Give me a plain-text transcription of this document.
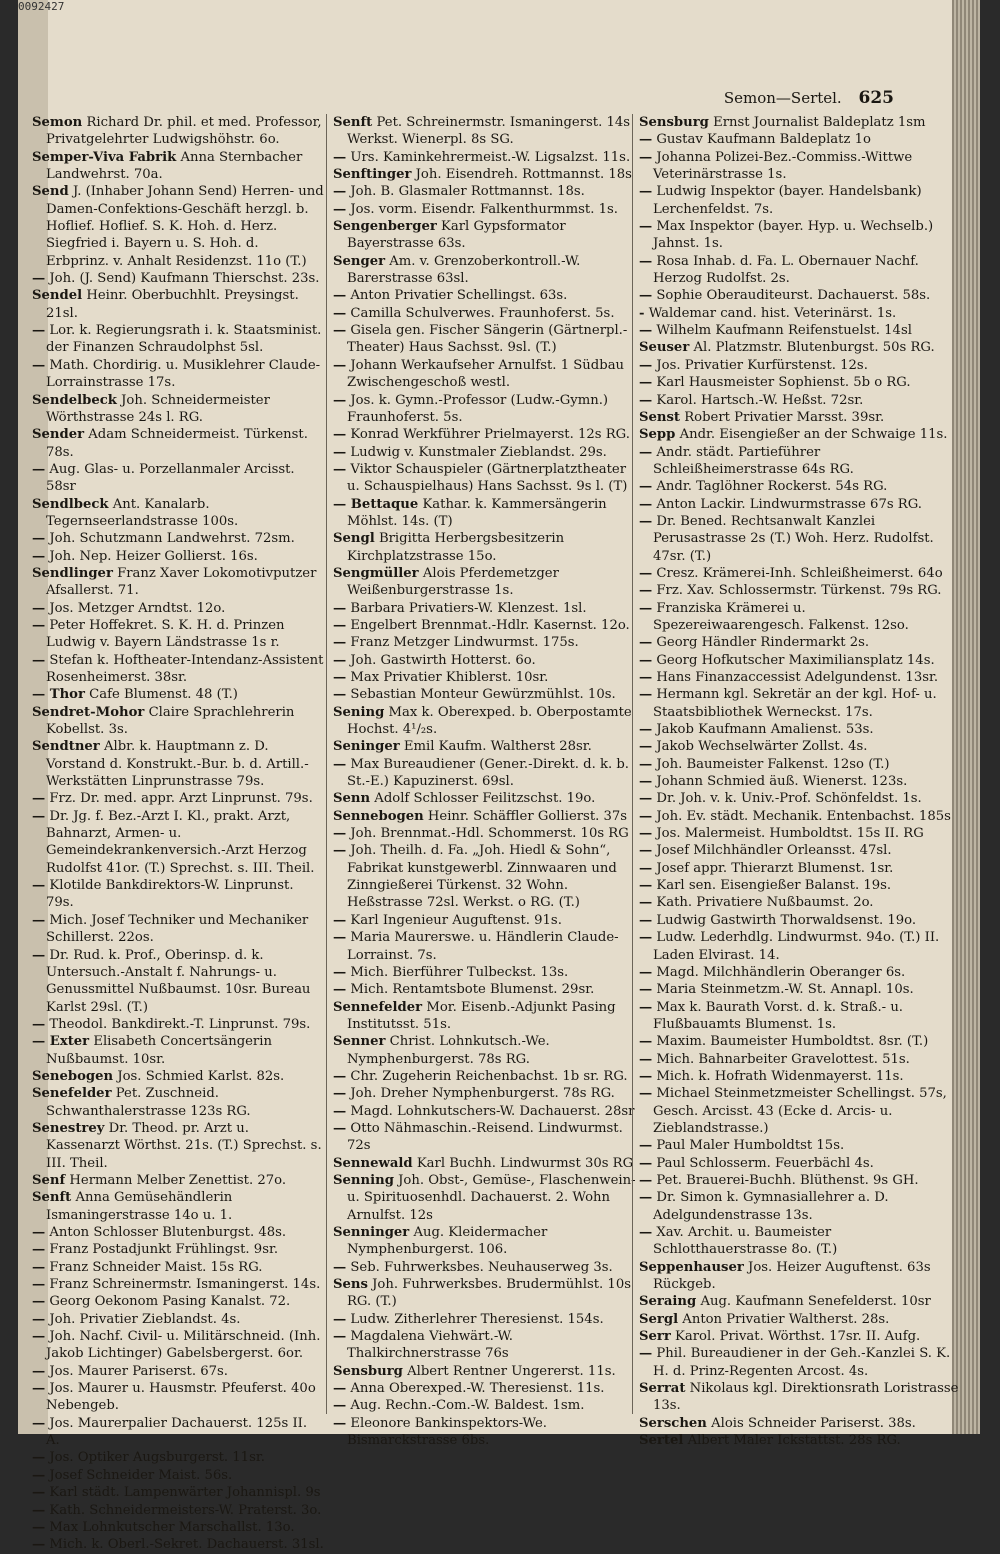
0092427
Semon—Sertel. 625
Semon Richard Dr. phil. et med. Professor, Privatgelehrter Ludwigshöhstr. 6o.
Semper-Viva Fabrik Anna Sternbacher Landwehrst. 70a.
Send J. (Inhaber Johann Send) Herren- und Damen-Confektions-Geschäft herzgl. b. Hoflief. Hoflief. S. K. Hoh. d. Herz. Siegfried i. Bayern u. S. Hoh. d. Erbprinz. v. Anhalt Residenzst. 11o (T.)
— Joh. (J. Send) Kaufmann Thierschst. 23s.
Sendel Heinr. Oberbuchhlt. Preysingst. 21sl.
— Lor. k. Regierungsrath i. k. Staatsminist. der Finanzen Schraudolphst 5sl.
— Math. Chordirig. u. Musiklehrer Claude-Lorrainstrasse 17s.
Sendelbeck Joh. Schneidermeister Wörthstrasse 24s l. RG.
Sender Adam Schneidermeist. Türkenst. 78s.
— Aug. Glas- u. Porzellanmaler Arcisst. 58sr
Sendlbeck Ant. Kanalarb. Tegernseerlandstrasse 100s.
— Joh. Schutzmann Landwehrst. 72sm.
— Joh. Nep. Heizer Gollierst. 16s.
Sendlinger Franz Xaver Lokomotivputzer Afsallerst. 71.
— Jos. Metzger Arndtst. 12o.
— Peter Hoffekret. S. K. H. d. Prinzen Ludwig v. Bayern Ländstrasse 1s r.
— Stefan k. Hoftheater-Intendanz-Assistent Rosenheimerst. 38sr.
— Thor Cafe Blumenst. 48 (T.)
Sendret-Mohor Claire Sprachlehrerin Kobellst. 3s.
Sendtner Albr. k. Hauptmann z. D. Vorstand d. Konstrukt.-Bur. b. d. Artill.-Werkstätten Linprunstrasse 79s.
— Frz. Dr. med. appr. Arzt Linprunst. 79s.
— Dr. Jg. f. Bez.-Arzt I. Kl., prakt. Arzt, Bahnarzt, Armen- u. Gemeindekrankenversich.-Arzt Herzog Rudolfst 41or. (T.) Sprechst. s. III. Theil.
— Klotilde Bankdirektors-W. Linprunst. 79s.
— Mich. Josef Techniker und Mechaniker Schillerst. 22os.
— Dr. Rud. k. Prof., Oberinsp. d. k. Untersuch.-Anstalt f. Nahrungs- u. Genussmittel Nußbaumst. 10sr. Bureau Karlst 29sl. (T.)
— Theodol. Bankdirekt.-T. Linprunst. 79s.
— Exter Elisabeth Concertsängerin Nußbaumst. 10sr.
Senebogen Jos. Schmied Karlst. 82s.
Senefelder Pet. Zuschneid. Schwanthalerstrasse 123s RG.
Senestrey Dr. Theod. pr. Arzt u. Kassenarzt Wörthst. 21s. (T.) Sprechst. s. III. Theil.
Senf Hermann Melber Zenettist. 27o.
Senft Anna Gemüsehändlerin Ismaningerstrasse 14o u. 1.
— Anton Schlosser Blutenburgst. 48s.
— Franz Postadjunkt Frühlingst. 9sr.
— Franz Schneider Maist. 15s RG.
— Franz Schreinermstr. Ismaningerst. 14s.
— Georg Oekonom Pasing Kanalst. 72.
— Joh. Privatier Zieblandst. 4s.
— Joh. Nachf. Civil- u. Militärschneid. (Inh. Jakob Lichtinger) Gabelsbergerst. 6or.
— Jos. Maurer Pariserst. 67s.
— Jos. Maurer u. Hausmstr. Pfeuferst. 40o Nebengeb.
— Jos. Maurerpalier Dachauerst. 125s II. A.
— Jos. Optiker Augsburgerst. 11sr.
— Josef Schneider Maist. 56s.
— Karl städt. Lampenwärter Johannispl. 9s
— Kath. Schneidermeisters-W. Praterst. 3o.
— Max Lohnkutscher Marschallst. 13o.
— Mich. k. Oberl.-Sekret. Dachauerst. 31sl.
Senft Pet. Schreinermstr. Ismaningerst. 14s Werkst. Wienerpl. 8s SG.
— Urs. Kaminkehrermeist.-W. Ligsalzst. 11s.
Senftinger Joh. Eisendreh. Rottmannst. 18s
— Joh. B. Glasmaler Rottmannst. 18s.
— Jos. vorm. Eisendr. Falkenthurmmst. 1s.
Sengenberger Karl Gypsformator Bayerstrasse 63s.
Senger Am. v. Grenzoberkontroll.-W. Barerstrasse 63sl.
— Anton Privatier Schellingst. 63s.
— Camilla Schulverwes. Fraunhoferst. 5s.
— Gisela gen. Fischer Sängerin (Gärtnerpl.-Theater) Haus Sachsst. 9sl. (T.)
— Johann Werkaufseher Arnulfst. 1 Südbau Zwischengeschoß westl.
— Jos. k. Gymn.-Professor (Ludw.-Gymn.) Fraunhoferst. 5s.
— Konrad Werkführer Prielmayerst. 12s RG.
— Ludwig v. Kunstmaler Zieblandst. 29s.
— Viktor Schauspieler (Gärtnerplatztheater u. Schauspielhaus) Hans Sachsst. 9s l. (T)
— Bettaque Kathar. k. Kammersängerin Möhlst. 14s. (T)
Sengl Brigitta Herbergsbesitzerin Kirchplatzstrasse 15o.
Sengmüller Alois Pferdemetzger Weißenburgerstrasse 1s.
— Barbara Privatiers-W. Klenzest. 1sl.
— Engelbert Brennmat.-Hdlr. Kasernst. 12o.
— Franz Metzger Lindwurmst. 175s.
— Joh. Gastwirth Hotterst. 6o.
— Max Privatier Khiblerst. 10sr.
— Sebastian Monteur Gewürzmühlst. 10s.
Sening Max k. Oberexped. b. Oberpostamte Hochst. 4¹/₂s.
Seninger Emil Kaufm. Waltherst 28sr.
— Max Bureaudiener (Gener.-Direkt. d. k. b. St.-E.) Kapuzinerst. 69sl.
Senn Adolf Schlosser Feilitzschst. 19o.
Sennebogen Heinr. Schäffler Gollierst. 37s
— Joh. Brennmat.-Hdl. Schommerst. 10s RG
— Joh. Theilh. d. Fa. „Joh. Hiedl & Sohn“, Fabrikat kunstgewerbl. Zinnwaaren und Zinngießerei Türkenst. 32 Wohn. Heßstrasse 72sl. Werkst. o RG. (T.)
— Karl Ingenieur Auguftenst. 91s.
— Maria Maurerswe. u. Händlerin Claude-Lorrainst. 7s.
— Mich. Bierführer Tulbeckst. 13s.
— Mich. Rentamtsbote Blumenst. 29sr.
Sennefelder Mor. Eisenb.-Adjunkt Pasing Institutsst. 51s.
Senner Christ. Lohnkutsch.-We. Nymphenburgerst. 78s RG.
— Chr. Zugeherin Reichenbachst. 1b sr. RG.
— Joh. Dreher Nymphenburgerst. 78s RG.
— Magd. Lohnkutschers-W. Dachauerst. 28sr
— Otto Nähmaschin.-Reisend. Lindwurmst. 72s
Sennewald Karl Buchh. Lindwurmst 30s RG
Senning Joh. Obst-, Gemüse-, Flaschenwein- u. Spirituosenhdl. Dachauerst. 2. Wohn Arnulfst. 12s
Senninger Aug. Kleidermacher Nymphenburgerst. 106.
— Seb. Fuhrwerksbes. Neuhauserweg 3s.
Sens Joh. Fuhrwerksbes. Brudermühlst. 10s RG. (T.)
— Ludw. Zitherlehrer Theresienst. 154s.
— Magdalena Viehwärt.-W. Thalkirchnerstrasse 76s
Sensburg Albert Rentner Ungererst. 11s.
— Anna Oberexped.-W. Theresienst. 11s.
— Aug. Rechn.-Com.-W. Baldest. 1sm.
— Eleonore Bankinspektors-We. Bismarckstrasse 6bs.
Sensburg Ernst Journalist Baldeplatz 1sm
— Gustav Kaufmann Baldeplatz 1o
— Johanna Polizei-Bez.-Commiss.-Wittwe Veterinärstrasse 1s.
— Ludwig Inspektor (bayer. Handelsbank) Lerchenfeldst. 7s.
— Max Inspektor (bayer. Hyp. u. Wechselb.) Jahnst. 1s.
— Rosa Inhab. d. Fa. L. Obernauer Nachf. Herzog Rudolfst. 2s.
— Sophie Oberauditeurst. Dachauerst. 58s.
- Waldemar cand. hist. Veterinärst. 1s.
— Wilhelm Kaufmann Reifenstuelst. 14sl
Seuser Al. Platzmstr. Blutenburgst. 50s RG.
— Jos. Privatier Kurfürstenst. 12s.
— Karl Hausmeister Sophienst. 5b o RG.
— Karol. Hartsch.-W. Heßst. 72sr.
Senst Robert Privatier Marsst. 39sr.
Sepp Andr. Eisengießer an der Schwaige 11s.
— Andr. städt. Partieführer Schleißheimerstrasse 64s RG.
— Andr. Taglöhner Rockerst. 54s RG.
— Anton Lackir. Lindwurmstrasse 67s RG.
— Dr. Bened. Rechtsanwalt Kanzlei Perusastrasse 2s (T.) Woh. Herz. Rudolfst. 47sr. (T.)
— Cresz. Krämerei-Inh. Schleißheimerst. 64o
— Frz. Xav. Schlossermstr. Türkenst. 79s RG.
— Franziska Krämerei u. Spezereiwaarengesch. Falkenst. 12so.
— Georg Händler Rindermarkt 2s.
— Georg Hofkutscher Maximiliansplatz 14s.
— Hans Finanzaccessist Adelgundenst. 13sr.
— Hermann kgl. Sekretär an der kgl. Hof- u. Staatsbibliothek Werneckst. 17s.
— Jakob Kaufmann Amalienst. 53s.
— Jakob Wechselwärter Zollst. 4s.
— Joh. Baumeister Falkenst. 12so (T.)
— Johann Schmied äuß. Wienerst. 123s.
— Dr. Joh. v. k. Univ.-Prof. Schönfeldst. 1s.
— Joh. Ev. städt. Mechanik. Entenbachst. 185s
— Jos. Malermeist. Humboldtst. 15s II. RG
— Josef Milchhändler Orleansst. 47sl.
— Josef appr. Thierarzt Blumenst. 1sr.
— Karl sen. Eisengießer Balanst. 19s.
— Kath. Privatiere Nußbaumst. 2o.
— Ludwig Gastwirth Thorwaldsenst. 19o.
— Ludw. Lederhdlg. Lindwurmst. 94o. (T.) II. Laden Elvirast. 14.
— Magd. Milchhändlerin Oberanger 6s.
— Maria Steinmetzm.-W. St. Annapl. 10s.
— Max k. Baurath Vorst. d. k. Straß.- u. Flußbauamts Blumenst. 1s.
— Maxim. Baumeister Humboldtst. 8sr. (T.)
— Mich. Bahnarbeiter Gravelottest. 51s.
— Mich. k. Hofrath Widenmayerst. 11s.
— Michael Steinmetzmeister Schellingst. 57s, Gesch. Arcisst. 43 (Ecke d. Arcis- u. Zieblandstrasse.)
— Paul Maler Humboldtst 15s.
— Paul Schlosserm. Feuerbächl 4s.
— Pet. Brauerei-Buchh. Blüthenst. 9s GH.
— Dr. Simon k. Gymnasiallehrer a. D. Adelgundenstrasse 13s.
— Xav. Archit. u. Baumeister Schlotthauerstrasse 8o. (T.)
Seppenhauser Jos. Heizer Auguftenst. 63s Rückgeb.
Seraing Aug. Kaufmann Senefelderst. 10sr
Sergl Anton Privatier Waltherst. 28s.
Serr Karol. Privat. Wörthst. 17sr. II. Aufg.
— Phil. Bureaudiener in der Geh.-Kanzlei S. K. H. d. Prinz-Regenten Arcost. 4s.
Serrat Nikolaus kgl. Direktionsrath Loristrasse 13s.
Serschen Alois Schneider Pariserst. 38s.
Sertel Albert Maler Ickstattst. 28s RG.
